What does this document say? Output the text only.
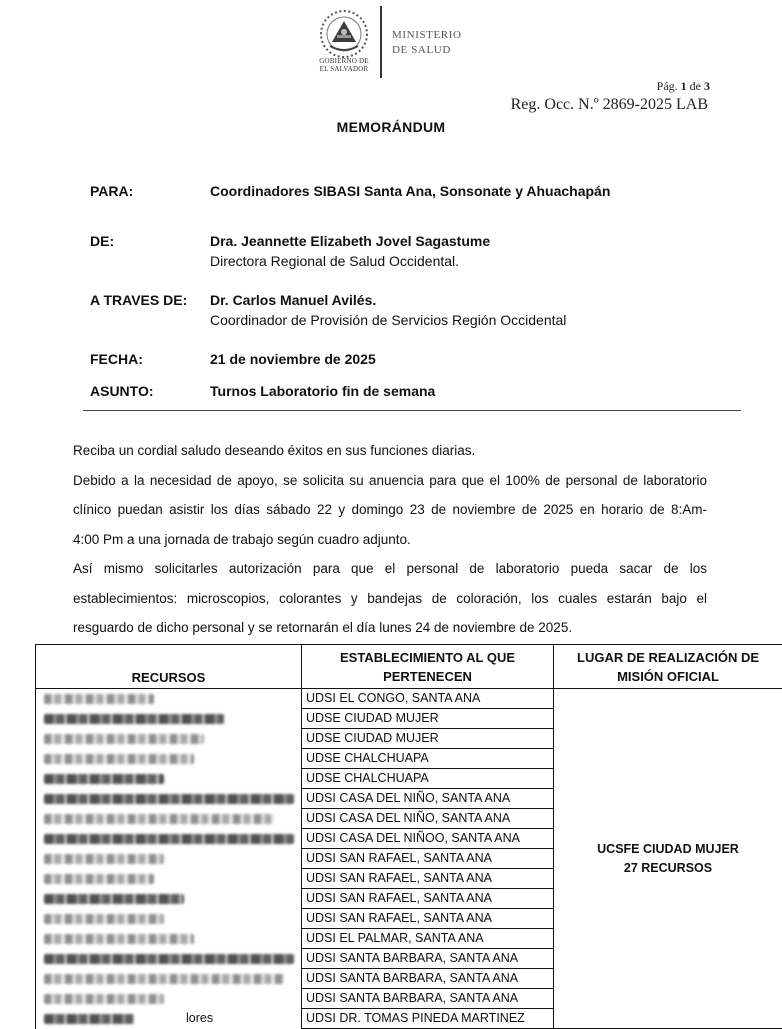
GOBIERNO DE
EL SALVADOR
MINISTERIO
DE SALUD
Pág. 1 de 3
Reg. Occ. N.º 2869-2025 LAB
MEMORÁNDUM
PARA:	Coordinadores SIBASI Santa Ana, Sonsonate y Ahuachapán
DE:	Dra. Jeannette Elizabeth Jovel Sagastume
Directora Regional de Salud Occidental.
A TRAVES DE: Dr. Carlos Manuel Avilés.
Coordinador de Provisión de Servicios Región Occidental
FECHA:	21 de noviembre de 2025
ASUNTO:	Turnos Laboratorio fin de semana
Reciba un cordial saludo deseando éxitos en sus funciones diarias.
Debido a la necesidad de apoyo, se solicita su anuencia para que el 100% de personal de laboratorio
clínico puedan asistir los días sábado 22 y domingo 23 de noviembre de 2025 en horario de 8:Am-
4:00 Pm a una jornada de trabajo según cuadro adjunto.
Así mismo solicitarles autorización para que el personal de laboratorio pueda sacar de los
establecimientos: microscopios, colorantes y bandejas de coloración, los cuales estarán bajo el
resguardo de dicho personal y se retornarán el día lunes 24 de noviembre de 2025.
RECURSOS	ESTABLECIMIENTO AL QUE PERTENECEN	LUGAR DE REALIZACIÓN DE MISIÓN OFICIAL

	UDSI EL CONGO, SANTA ANA	UCSFE CIUDAD MUJER
27 RECURSOS

	UDSE CIUDAD MUJER	

	UDSE CIUDAD MUJER	

	UDSE CHALCHUAPA	

	UDSE CHALCHUAPA	

	UDSI CASA DEL NIÑO, SANTA ANA	

	UDSI CASA DEL NIÑO, SANTA ANA	

	UDSI CASA DEL NIÑOO, SANTA ANA	

	UDSI SAN RAFAEL, SANTA ANA	

	UDSI SAN RAFAEL, SANTA ANA	

	UDSI SAN RAFAEL, SANTA ANA	

	UDSI SAN RAFAEL, SANTA ANA	

	UDSI EL PALMAR, SANTA ANA	

	UDSI SANTA BARBARA, SANTA ANA	

	UDSI SANTA BARBARA, SANTA ANA	

	UDSI SANTA BARBARA, SANTA ANA	

lores	UDSI DR. TOMAS PINEDA MARTINEZ	
